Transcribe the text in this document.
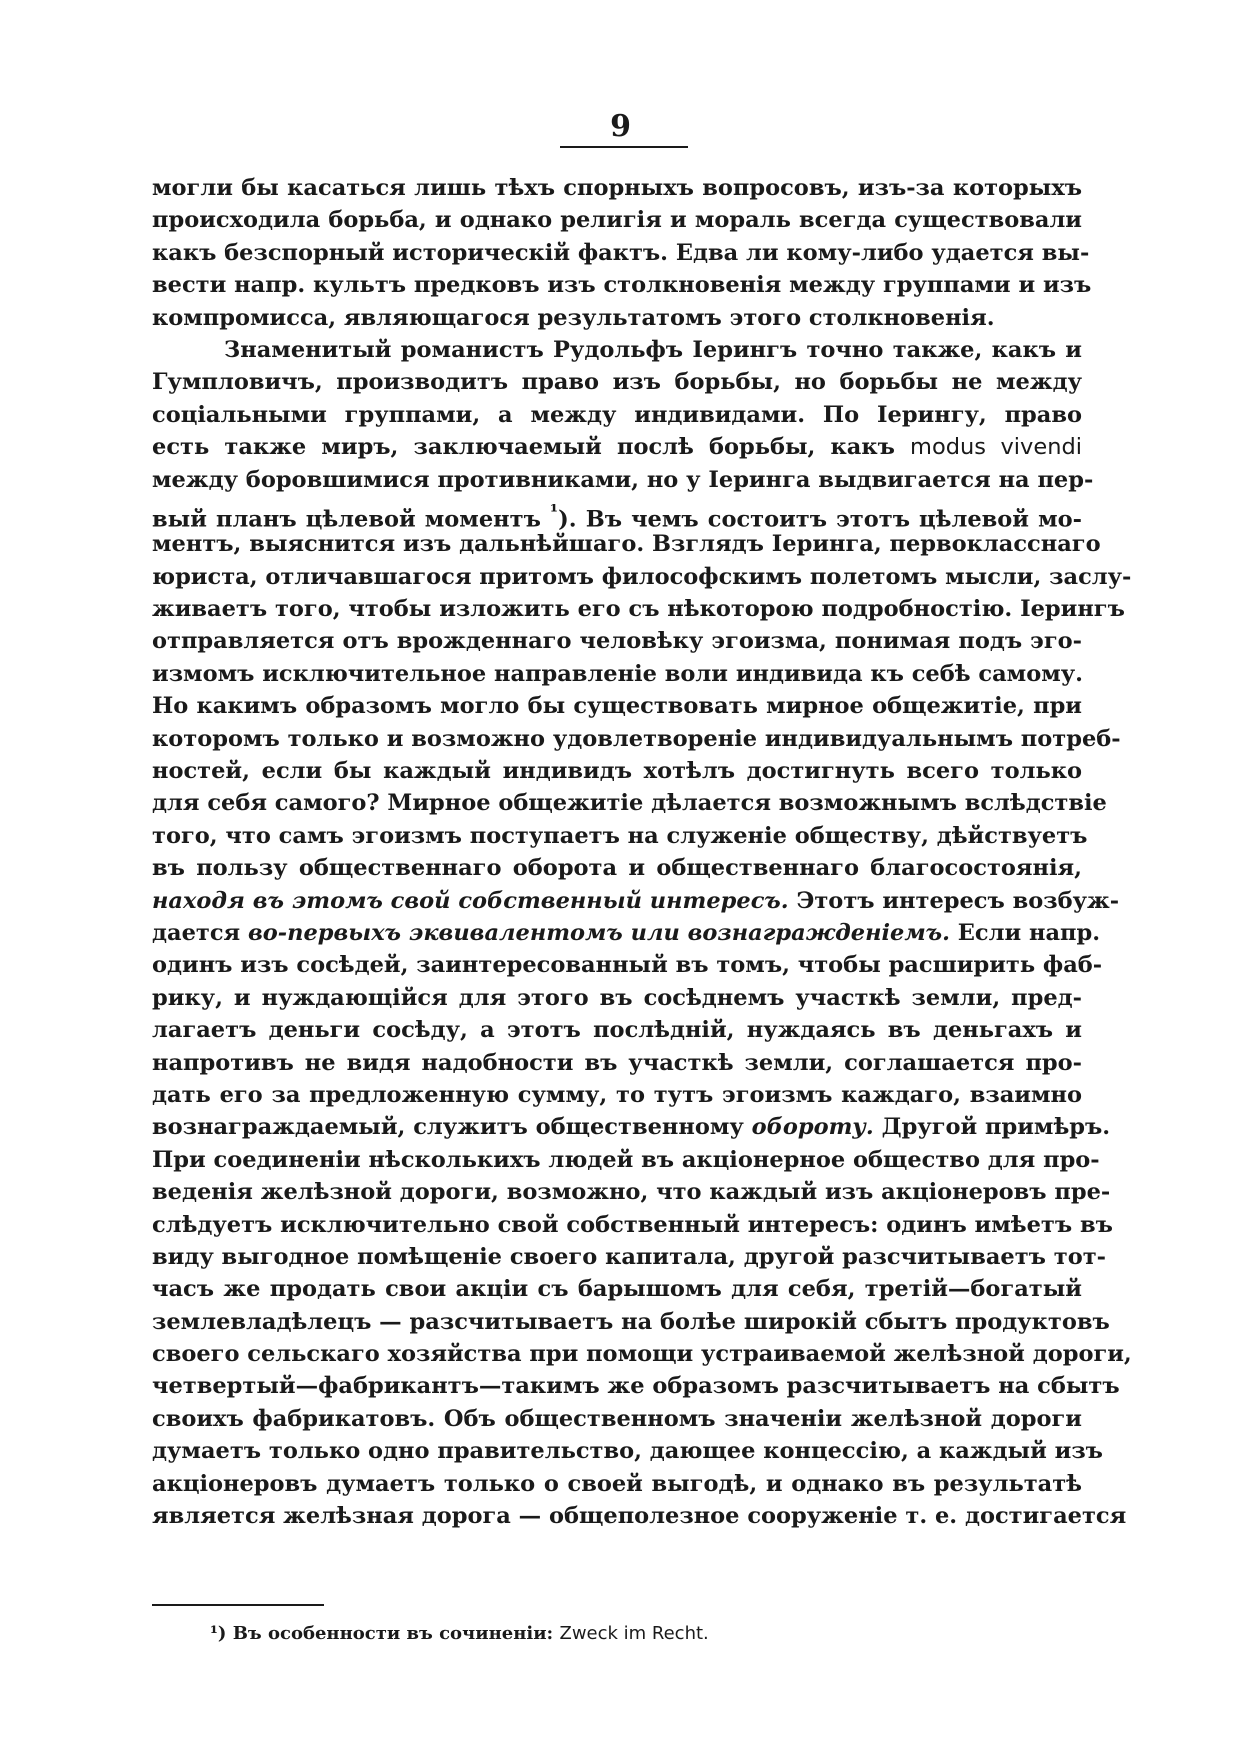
9
могли бы касаться лишь тѣхъ спорныхъ вопросовъ, изъ-за которыхъ
происходила борьба, и однако религія и мораль всегда существовали
какъ безспорный историческій фактъ. Едва ли кому-либо удается вы-
вести напр. культъ предковъ изъ столкновенія между группами и изъ
компромисса, являющагося результатомъ этого столкновенія.
Знаменитый романистъ Рудольфъ Іерингъ точно также, какъ и
Гумпловичъ, производитъ право изъ борьбы, но борьбы не между
соціальными группами, а между индивидами. По Іерингу, право
есть также миръ, заключаемый послѣ борьбы, какъ modus vivendi
между боровшимися противниками, но у Іеринга выдвигается на пер-
вый планъ цѣлевой моментъ $^{^1}$). Въ чемъ состоитъ этотъ цѣлевой мо-
ментъ, выяснится изъ дальнѣйшаго. Взглядъ Іеринга, первокласснаго
юриста, отличавшагося притомъ философскимъ полетомъ мысли, заслу-
живаетъ того, чтобы изложить его съ нѣкоторою подробностію. Іерингъ
отправляется отъ врожденнаго человѣку эгоизма, понимая подъ эго-
измомъ исключительное направленіе воли индивида къ себѣ самому.
Но какимъ образомъ могло бы существовать мирное общежитіе, при
которомъ только и возможно удовлетвореніе индивидуальнымъ потреб-
ностей, если бы каждый индивидъ хотѣлъ достигнуть всего только
для себя самого? Мирное общежитіе дѣлается возможнымъ вслѣдствіе
того, что самъ эгоизмъ поступаетъ на служеніе обществу, дѣйствуетъ
въ пользу общественнаго оборота и общественнаго благосостоянія,
находя въ этомъ свой собственный интересъ. Этотъ интересъ возбуж-
дается во-первыхъ эквивалентомъ или вознагражденіемъ. Если напр.
одинъ изъ сосѣдей, заинтересованный въ томъ, чтобы расширить фаб-
рику, и нуждающійся для этого въ сосѣднемъ участкѣ земли, пред-
лагаетъ деньги сосѣду, а этотъ послѣдній, нуждаясь въ деньгахъ и
напротивъ не видя надобности въ участкѣ земли, соглашается про-
дать его за предложенную сумму, то тутъ эгоизмъ каждаго, взаимно
вознаграждаемый, служитъ общественному обороту. Другой примѣръ.
При соединеніи нѣсколькихъ людей въ акціонерное общество для про-
веденія желѣзной дороги, возможно, что каждый изъ акціонеровъ пре-
слѣдуетъ исключительно свой собственный интересъ: одинъ имѣетъ въ
виду выгодное помѣщеніе своего капитала, другой разсчитываетъ тот-
часъ же продать свои акціи съ барышомъ для себя, третій—богатый
землевладѣлецъ — разсчитываетъ на болѣе широкій сбытъ продуктовъ
своего сельскаго хозяйства при помощи устраиваемой желѣзной дороги,
четвертый—фабрикантъ—такимъ же образомъ разсчитываетъ на сбытъ
своихъ фабрикатовъ. Объ общественномъ значеніи желѣзной дороги
думаетъ только одно правительство, дающее концессію, а каждый изъ
акціонеровъ думаетъ только о своей выгодѣ, и однако въ результатѣ
является желѣзная дорога — общеполезное сооруженіе т. е. достигается
¹) Въ особенности въ сочиненіи: Zweck im Recht.
